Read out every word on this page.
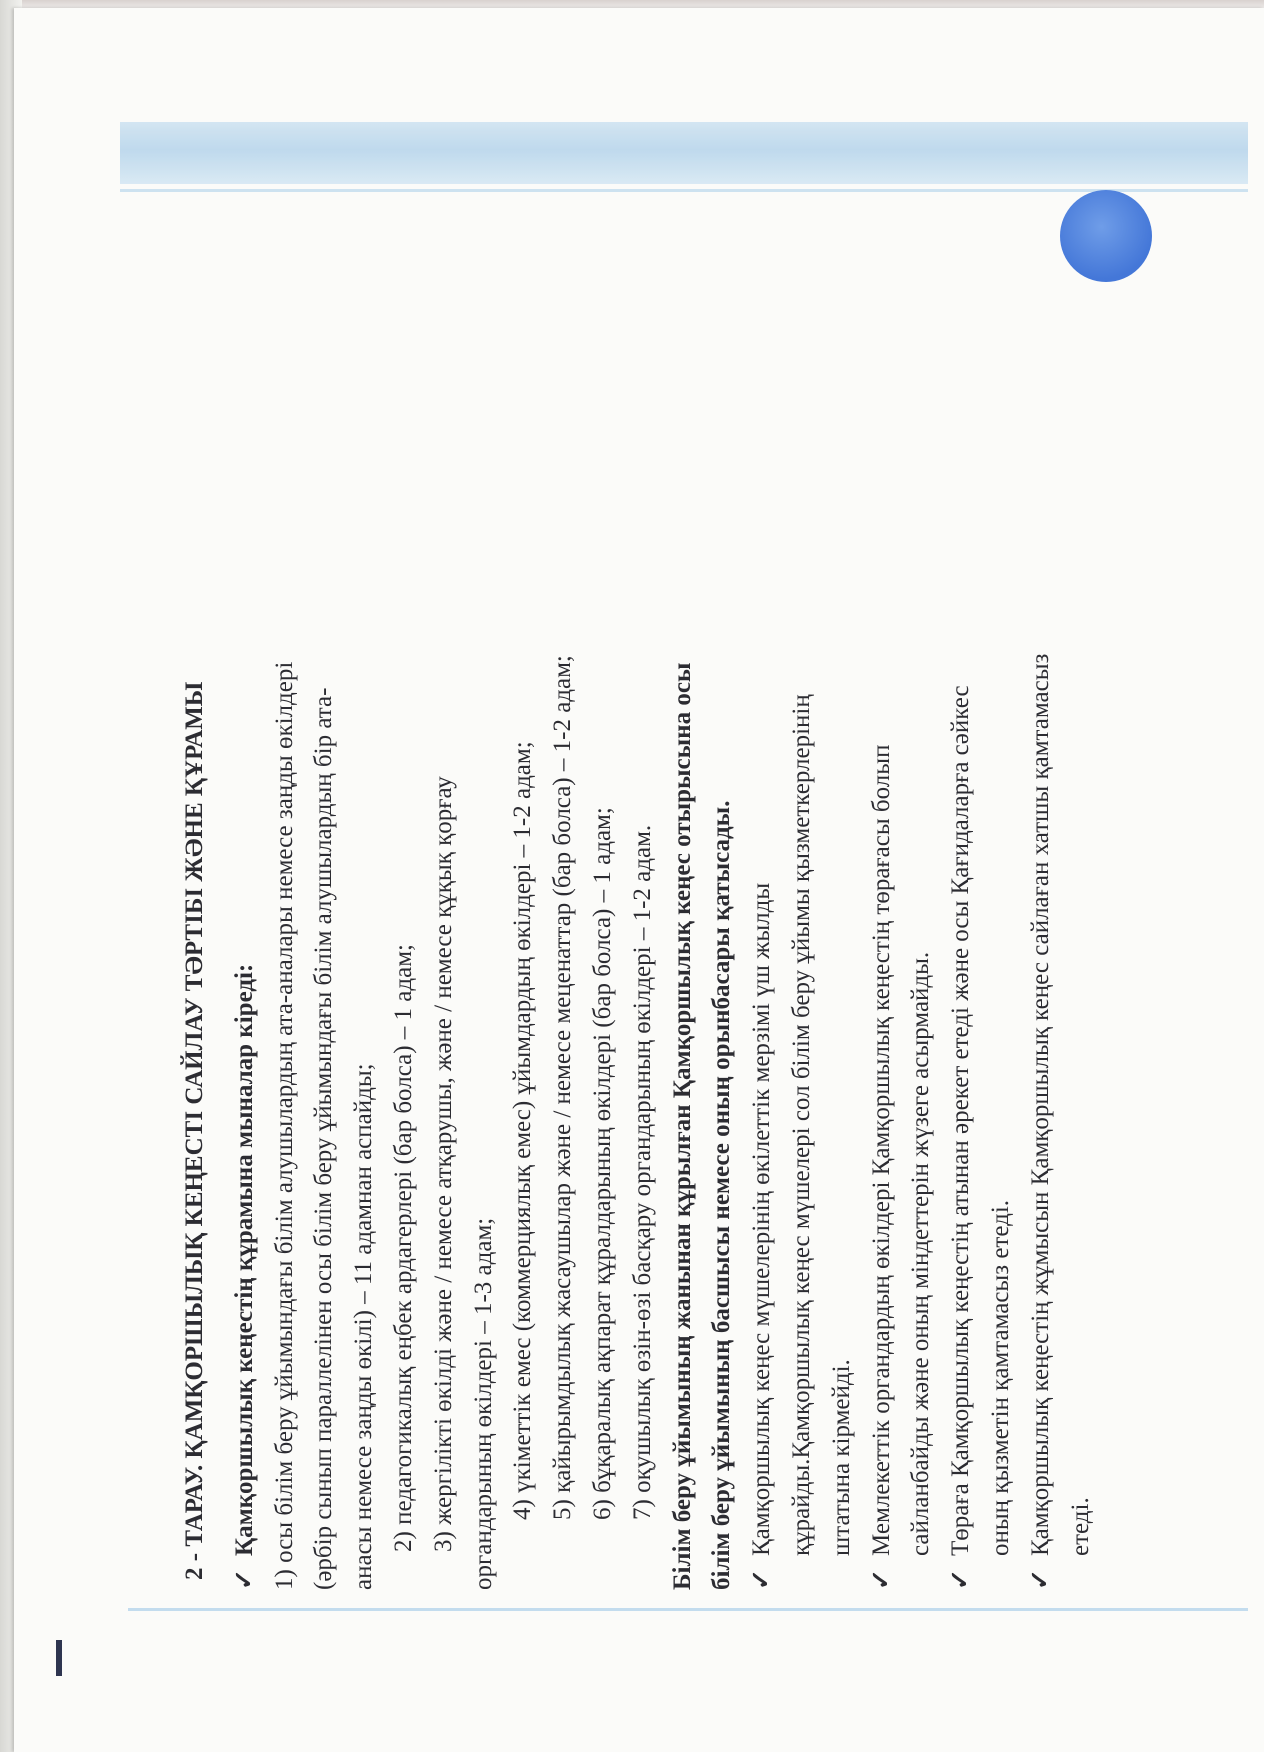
2 - ТАРАУ. ҚАМҚОРШЫЛЫҚ КЕҢЕСТІ САЙЛАУ ТӘРТІБІ ЖӘНЕ ҚҰРАМЫ ✓
Қамқоршылық кеңестің құрамына мыналар кіреді: 1) осы білім беру ұйымындағы білім алушылардың ата-аналары немесе заңды өкілдері (әрбір сынып параллелінен осы білім беру ұйымындағы білім алушылардың бір ата- анасы немесе заңды өкілі) – 11 адамнан аспайды; 2) педагогикалық еңбек ардагерлері (бар болса) – 1 адам; 3) жергілікті өкілді және / немесе атқарушы, және / немесе құқық қорғау органдарының өкілдері – 1-3 адам; 4) үкіметтік емес (коммерциялық емес) ұйымдардың өкілдері – 1-2 адам; 5) қайырымдылық жасаушылар және / немесе меценаттар (бар болса) – 1-2 адам; 6) бұқаралық ақпарат құралдарының өкілдері (бар болса) – 1 адам; 7) оқушылық өзін-өзі басқару органдарының өкілдері – 1-2 адам. Білім беру ұйымының жанынан құрылған Қамқоршылық кеңес отырысына осы білім беру ұйымының басшысы немесе оның орынбасары қатысады. ✓
Қамқоршылық кеңес мүшелерінің өкілеттік мерзімі үш жылды құрайды.Қамқоршылық кеңес мүшелері сол білім беру ұйымы қызметкерлерінің штатына кірмейді.
✓
Мемлекеттік органдардың өкілдері Қамқоршылық кеңестің төрағасы болып сайланбайды және оның міндеттерін жүзеге асырмайды.
✓
Төраға Қамқоршылық кеңестің атынан әрекет етеді және осы Қағидаларға сәйкес оның қызметін қамтамасыз етеді.
✓
Қамқоршылық кеңестің жұмысын Қамқоршылық кеңес сайлаған хатшы қамтамасыз етеді.
